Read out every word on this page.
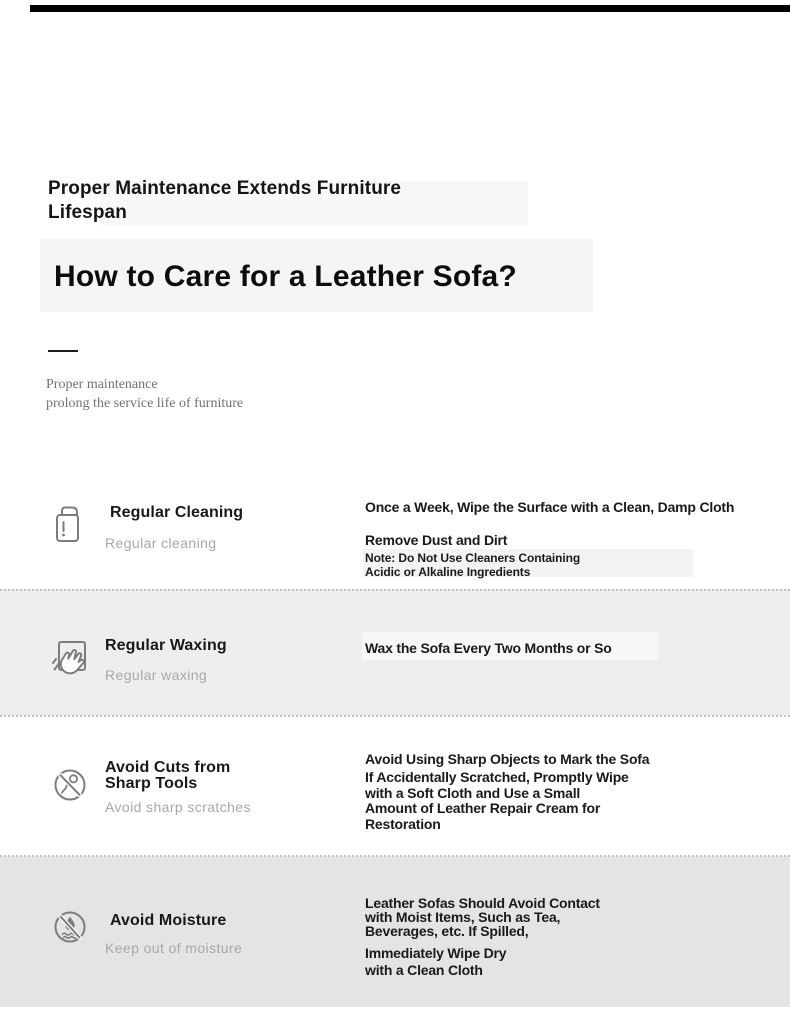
Proper Maintenance Extends Furniture
Lifespan
How to Care for a Leather Sofa?
Proper maintenance
prolong the service life of furniture
Regular Cleaning
Regular cleaning
Once a Week, Wipe the Surface with a Clean, Damp Cloth
Remove Dust and Dirt
Note: Do Not Use Cleaners Containing
Acidic or Alkaline Ingredients
Regular Waxing
Regular waxing
Wax the Sofa Every Two Months or So
Avoid Cuts from Sharp Tools
Avoid sharp scratches
Avoid Using Sharp Objects to Mark the Sofa
If Accidentally Scratched, Promptly Wipe
with a Soft Cloth and Use a Small
Amount of Leather Repair Cream for
Restoration
Avoid Moisture
Keep out of moisture
Leather Sofas Should Avoid Contact
with Moist Items, Such as Tea,
Beverages, etc. If Spilled,
Immediately Wipe Dry
with a Clean Cloth
